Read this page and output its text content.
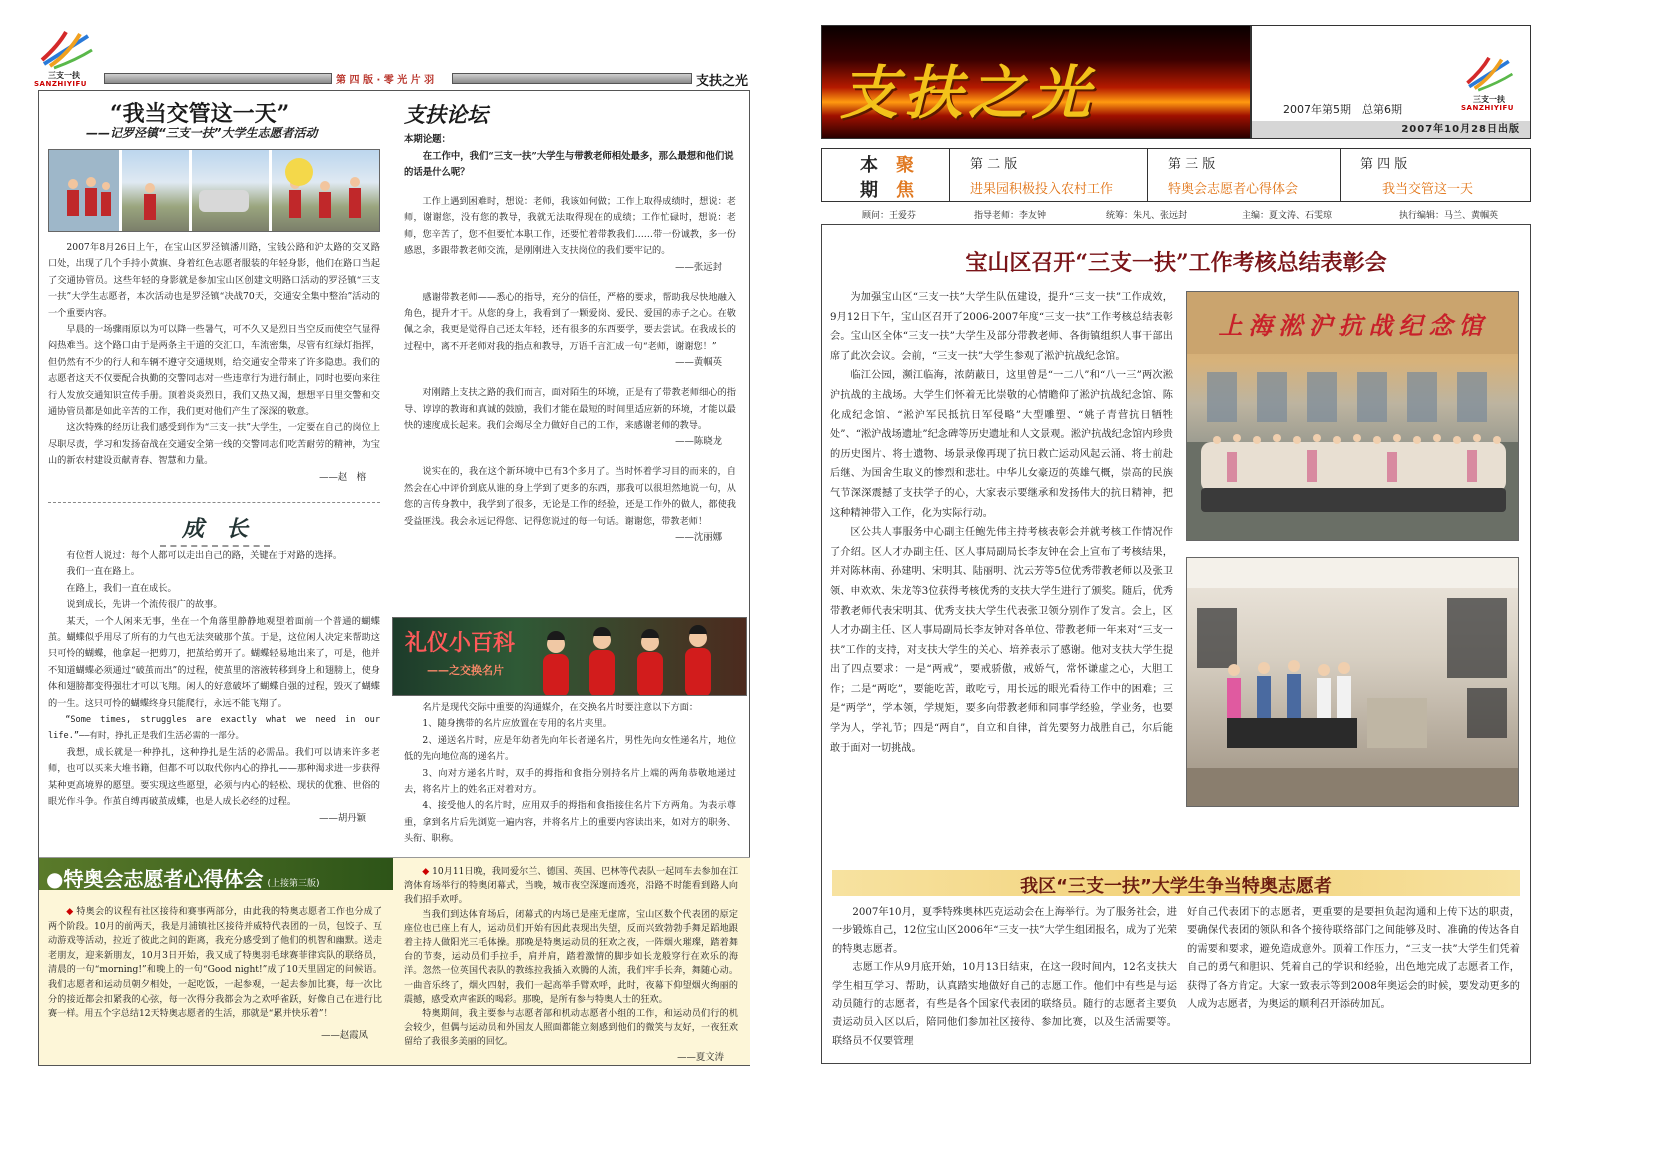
三支一扶
SANZHIYIFU	第 四 版 · 零 光 片 羽	支扶之光
“我当交管这一天”
——记罗泾镇“三支一扶”大学生志愿者活动

2007年8月26日上午，在宝山区罗泾镇潘川路，宝钱公路和沪太路的交叉路口处，出现了几个手持小黄旗、身着红色志愿者服装的年轻身影，他们在路口当起了交通协管员。这些年轻的身影就是参加宝山区创建文明路口活动的罗泾镇“三支一扶”大学生志愿者，本次活动也是罗泾镇“决战70天，交通安全集中整治”活动的一个重要内容。

早晨的一场骤雨原以为可以降一些暑气，可不久又是烈日当空反而使空气显得闷热难当。这个路口由于是两条主干道的交汇口，车流密集，尽管有红绿灯指挥，但仍然有不少的行人和车辆不遵守交通规则，给交通安全带来了许多隐患。我们的志愿者这天不仅要配合执勤的交警同志对一些违章行为进行制止，同时也要向来往行人发放交通知识宣传手册。顶着炎炎烈日，我们又热又渴，想想平日里交警和交通协管员都是如此辛苦的工作，我们更对他们产生了深深的敬意。

这次特殊的经历让我们感受到作为“三支一扶”大学生，一定要在自己的岗位上尽职尽责，学习和发扬奋战在交通安全第一线的交警同志们吃苦耐劳的精神，为宝山的新农村建设贡献青春、智慧和力量。

——赵　榕
成　长

有位哲人说过：每个人都可以走出自己的路，关键在于对路的选择。

我们一直在路上。

在路上，我们一直在成长。

说到成长，先讲一个流传很广的故事。

某天，一个人闲来无事，坐在一个角落里静静地观望着面前一个普通的蝴蝶茧。蝴蝶似乎用尽了所有的力气也无法突破那个茧。于是，这位闲人决定来帮助这只可怜的蝴蝶，他拿起一把剪刀，把茧给剪开了。蝴蝶轻易地出来了，可是，他并不知道蝴蝶必须通过“破茧而出”的过程，使茧里的溶液转移到身上和翅膀上，使身体和翅膀都变得强壮才可以飞翔。闲人的好意破坏了蝴蝶自强的过程，毁灭了蝴蝶的一生。这只可怜的蝴蝶终身只能爬行，永远不能飞翔了。

“Some times, struggles are exactly what we need in our life.”——有时，挣扎正是我们生活必需的一部分。

我想，成长就是一种挣扎，这种挣扎是生活的必需品。我们可以请来许多老师，也可以买来大堆书籍，但都不可以取代你内心的挣扎——那种渴求进一步获得某种更高境界的愿望。要实现这些愿望，必须与内心的轻松、现状的优雅、世俗的眼光作斗争。作茧自缚再破茧成蝶，也是人成长必经的过程。

——胡丹颖
支扶论坛
本期论题：
在工作中，我们“三支一扶”大学生与带教老师相处最多，那么最想和他们说的话是什么呢？

工作上遇到困难时，想说：老师，我该如何做；工作上取得成绩时，想说：老师，谢谢您，没有您的教导，我就无法取得现在的成绩；工作忙碌时，想说：老师，您辛苦了，您不但要忙本职工作，还要忙着带教我们……带一份诚教，多一份感恩，多跟带教老师交流，是刚刚进入支扶岗位的我们要牢记的。

——张远封

感谢带教老师——悉心的指导，充分的信任，严格的要求，帮助我尽快地融入角色，提升才干。从您的身上，我看到了一颗爱岗、爱民、爱国的赤子之心。在敬佩之余，我更是觉得自己还太年轻，还有很多的东西要学，要去尝试。在我成长的过程中，离不开老师对我的指点和教导，万语千言汇成一句“老师，谢谢您！”

——黄帼英

对刚踏上支扶之路的我们而言，面对陌生的环境，正是有了带教老师细心的指导、谆谆的教诲和真诚的鼓励，我们才能在最短的时间里适应新的环境，才能以最快的速度成长起来。我们会竭尽全力做好自己的工作，来感谢老师的教导。

——陈晓龙

说实在的，我在这个新环境中已有3个多月了。当时怀着学习目的而来的，自然会在心中评价到底从谁的身上学到了更多的东西，那我可以很坦然地说一句，从您的言传身教中，我学到了很多，无论是工作的经验，还是工作外的做人，都使我受益匪浅。我会永远记得您、记得您说过的每一句话。谢谢您，带教老师！

——沈丽娜
礼仪小百科
——之交换名片

名片是现代交际中重要的沟通媒介，在交换名片时要注意以下方面：

1、随身携带的名片应放置在专用的名片夹里。

2、递送名片时，应是年幼者先向年长者递名片，男性先向女性递名片，地位低的先向地位高的递名片。

3、向对方递名片时，双手的拇指和食指分别持名片上端的两角恭敬地递过去，将名片上的姓名正对着对方。

4、接受他人的名片时，应用双手的拇指和食指接住名片下方两角。为表示尊重，拿到名片后先浏览一遍内容，并将名片上的重要内容读出来，如对方的职务、头衔、职称。

●特奥会志愿者心得体会 (上接第三版)

◆ 特奥会的议程有社区接待和赛事两部分，由此我的特奥志愿者工作也分成了两个阶段。10月的前两天，我是月浦镇社区接待并威特代表团的一员，包饺子、互动游戏等活动，拉近了彼此之间的距离，我充分感受到了他们的机智和幽默。送走老朋友，迎来新朋友，10月3日开始，我又成了特奥羽毛球赛菲律宾队的联络员，清晨的一句“morning!”和晚上的一句“Good night!”成了10天里固定的问候语。我们志愿者和运动员朝夕相处，一起吃饭，一起参观，一起去参加比赛，每一次比分的接近都会扣紧我的心弦，每一次得分我都会为之欢呼雀跃，好像自己在进行比赛一样。用五个字总结12天特奥志愿者的生活，那就是“累并快乐着”！

——赵霞凤

◆ 10月11日晚，我同爱尔兰、德国、英国、巴林等代表队一起同车去参加在江湾体育场举行的特奥闭幕式，当晚，城市夜空深邃而透亮，沿路不时能看到路人向我们招手欢呼。

当我们到达体育场后，闭幕式的内场已是座无虚席，宝山区数个代表团的原定座位也已座上有人，运动员们开始有因此表现出失望，反而兴致勃勃手舞足蹈地跟着主持人做阳光三毛体操。那晚是特奥运动员的狂欢之夜，一阵烟火璀璨，踏着舞台的节奏，运动员们手拉手，肩并肩，踏着激情的脚步如长龙般穿行在欢乐的海洋。忽然一位英国代表队的教练拉我插入欢腾的人流，我们牢手长奔，舞随心动。一曲音乐终了，烟火四射，我们一起高举手臂欢呼，此时，夜幕下仰望烟火绚丽的震撼，感受欢声雀跃的喝彩。那晚，是所有参与特奥人士的狂欢。

特奥期间，我主要参与志愿者部和机动志愿者小组的工作，和运动员们行的机会较少，但偶与运动员和外国友人照面都能立刻感到他们的微笑与友好，一夜狂欢留给了我很多美丽的回忆。

——夏文涛
支扶之光	2007年第5期　总第6期
三支一扶
SANZHIYIFU
2007年10月28日出版
本 聚
期 焦
第 二 版
进果园积极投入农村工作
第 三 版
特奥会志愿者心得体会
第 四 版
我当交管这一天
顾问：王爱芬	指导老师：李友钟	统筹：朱凡、张远封	主编：夏文涛、石雯琼	执行编辑：马兰、黄帼英
宝山区召开“三支一扶”工作考核总结表彰会

为加强宝山区“三支一扶”大学生队伍建设，提升“三支一扶”工作成效，9月12日下午，宝山区召开了2006-2007年度“三支一扶”工作考核总结表彰会。宝山区全体“三支一扶”大学生及部分带教老师、各街镇组织人事干部出席了此次会议。会前，“三支一扶”大学生参观了淞沪抗战纪念馆。

临江公园，濒江临海，浓荫蔽日，这里曾是“一二八”和“八一三”两次淞沪抗战的主战场。大学生们怀着无比崇敬的心情瞻仰了淞沪抗战纪念馆、陈化成纪念馆、“淞沪军民抵抗日军侵略”大型雕塑、“姚子青营抗日牺牲处”、“淞沪战场遗址”纪念碑等历史遗址和人文景观。淞沪抗战纪念馆内珍贵的历史图片、将士遗物、场景录像再现了抗日救亡运动风起云涌、将士前赴后继、为国舍生取义的惨烈和悲壮。中华儿女豪迈的英雄气概，崇高的民族气节深深震撼了支扶学子的心，大家表示要继承和发扬伟大的抗日精神，把这种精神带入工作，化为实际行动。

区公共人事服务中心副主任鲍先伟主持考核表彰会并就考核工作情况作了介绍。区人才办副主任、区人事局副局长李友钟在会上宣布了考核结果，并对陈林南、孙建明、宋明其、陆丽明、沈云芳等5位优秀带教老师以及张卫领、申欢欢、朱龙等3位获得考核优秀的支扶大学生进行了颁奖。随后，优秀带教老师代表宋明其、优秀支扶大学生代表张卫领分别作了发言。会上，区人才办副主任、区人事局副局长李友钟对各单位、带教老师一年来对“三支一扶”工作的支持，对支扶大学生的关心、培养表示了感谢。他对支扶大学生提出了四点要求：一是“两戒”，要戒骄傲，戒娇气，常怀谦虚之心，大胆工作；二是“两吃”，要能吃苦，敢吃亏，用长远的眼光看待工作中的困难；三是“两学”，学本领，学规矩，要多向带教老师和同事学经验，学业务，也要学为人，学礼节；四是“两自”，自立和自律，首先要努力战胜自己，尔后能敢于面对一切挑战。

上海淞沪抗战纪念馆
我区“三支一扶”大学生争当特奥志愿者

2007年10月，夏季特殊奥林匹克运动会在上海举行。为了服务社会，进一步锻炼自己，12位宝山区2006年“三支一扶”大学生组团报名，成为了光荣的特奥志愿者。

志愿工作从9月底开始，10月13日结束，在这一段时间内，12名支扶大学生相互学习、帮助，认真踏实地做好自己的志愿工作。他们中有些是与运动员随行的志愿者，有些是各个国家代表团的联络员。随行的志愿者主要负责运动员入区以后，陪同他们参加社区接待、参加比赛，以及生活需要等。联络员不仅要管理

好自己代表团下的志愿者，更重要的是要担负起沟通和上传下达的职责，要确保代表团的领队和各个接待联络部门之间能够及时、准确的传达各自的需要和要求，避免造成意外。顶着工作压力，“三支一扶”大学生们凭着自己的勇气和胆识、凭着自己的学识和经验，出色地完成了志愿者工作，获得了各方肯定。大家一致表示等到2008年奥运会的时候，要发动更多的人成为志愿者，为奥运的顺利召开添砖加瓦。
